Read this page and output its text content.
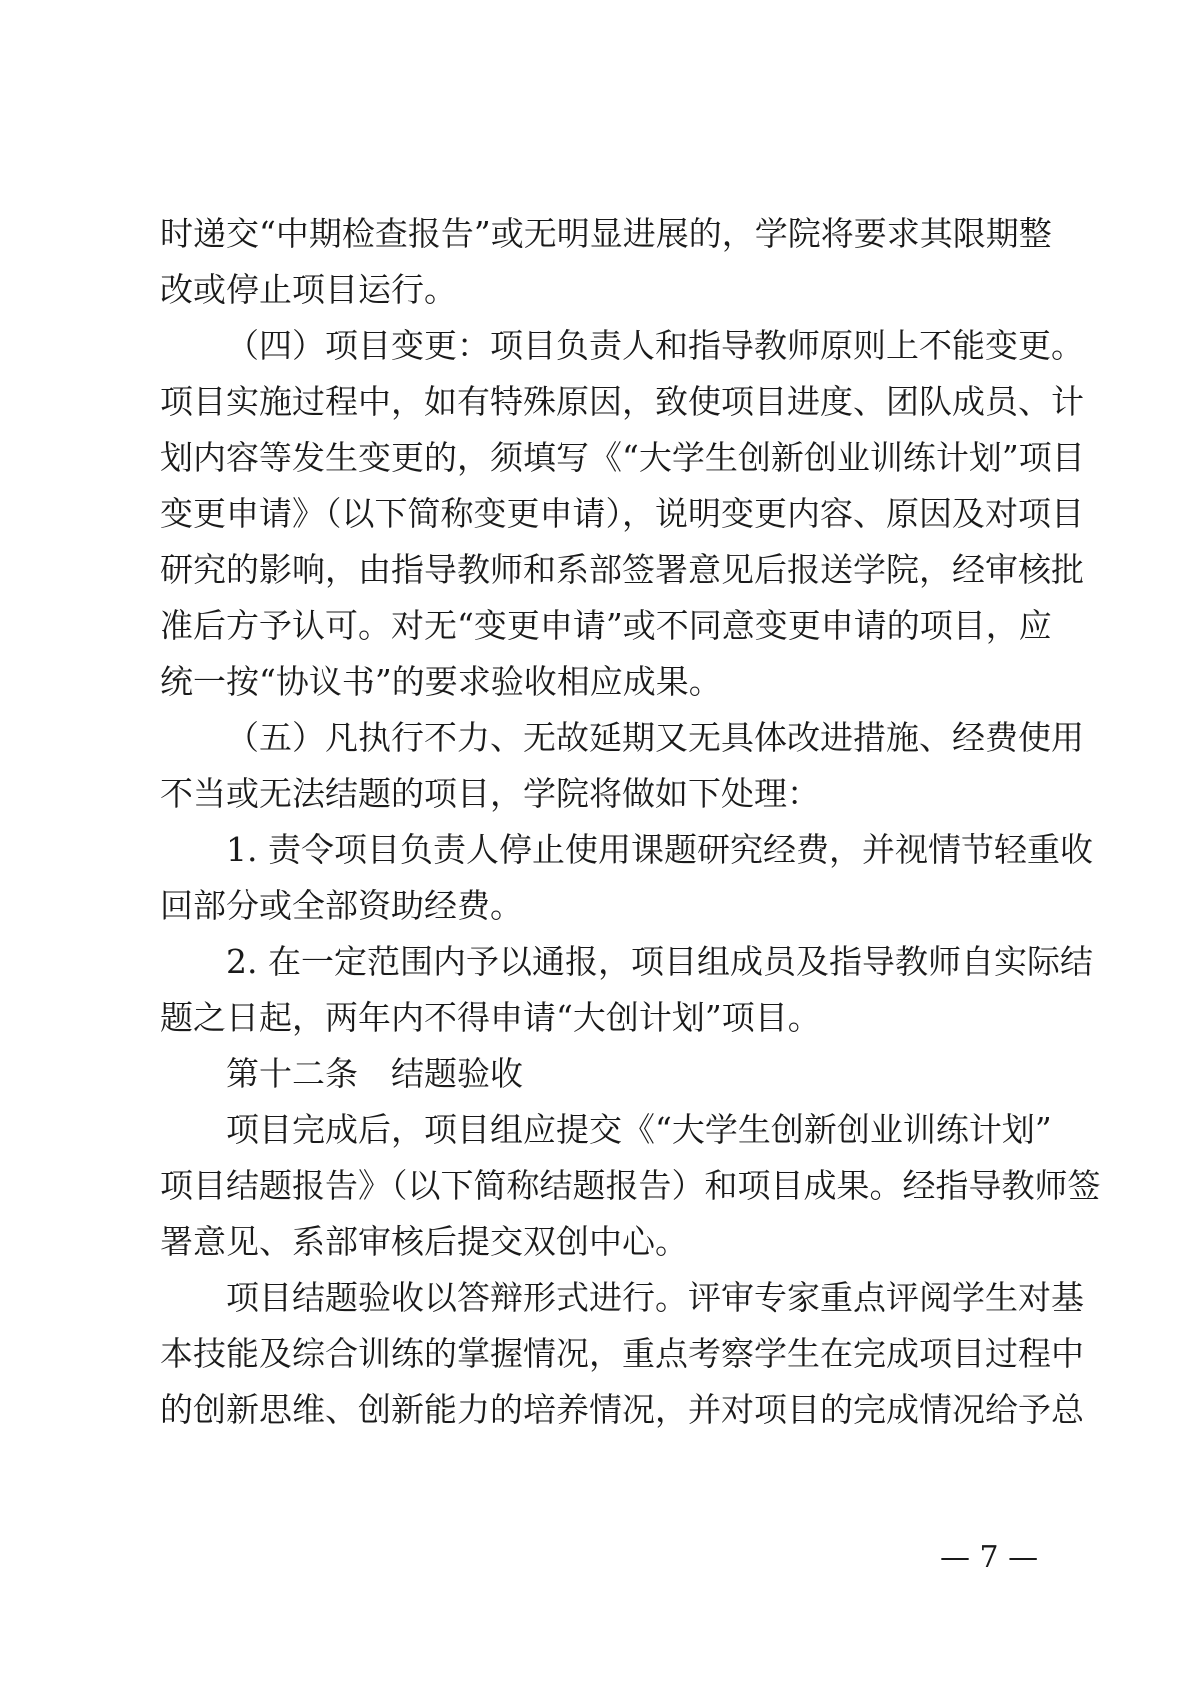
时递交“中期检查报告”或无明显进展的，学院将要求其限期整
改或停止项目运行。
（四）项目变更：项目负责人和指导教师原则上不能变更。
项目实施过程中，如有特殊原因，致使项目进度、团队成员、计
划内容等发生变更的，须填写《“大学生创新创业训练计划”项目
变更申请》（以下简称变更申请），说明变更内容、原因及对项目
研究的影响，由指导教师和系部签署意见后报送学院，经审核批
准后方予认可。对无“变更申请”或不同意变更申请的项目，应
统一按“协议书”的要求验收相应成果。
（五）凡执行不力、无故延期又无具体改进措施、经费使用
不当或无法结题的项目，学院将做如下处理：
1. 责令项目负责人停止使用课题研究经费，并视情节轻重收
回部分或全部资助经费。
2. 在一定范围内予以通报，项目组成员及指导教师自实际结
题之日起，两年内不得申请“大创计划”项目。
第十二条 结题验收
项目完成后，项目组应提交《“大学生创新创业训练计划”
项目结题报告》（以下简称结题报告）和项目成果。经指导教师签
署意见、系部审核后提交双创中心。
项目结题验收以答辩形式进行。评审专家重点评阅学生对基
本技能及综合训练的掌握情况，重点考察学生在完成项目过程中
的创新思维、创新能力的培养情况，并对项目的完成情况给予总
— 7 —
